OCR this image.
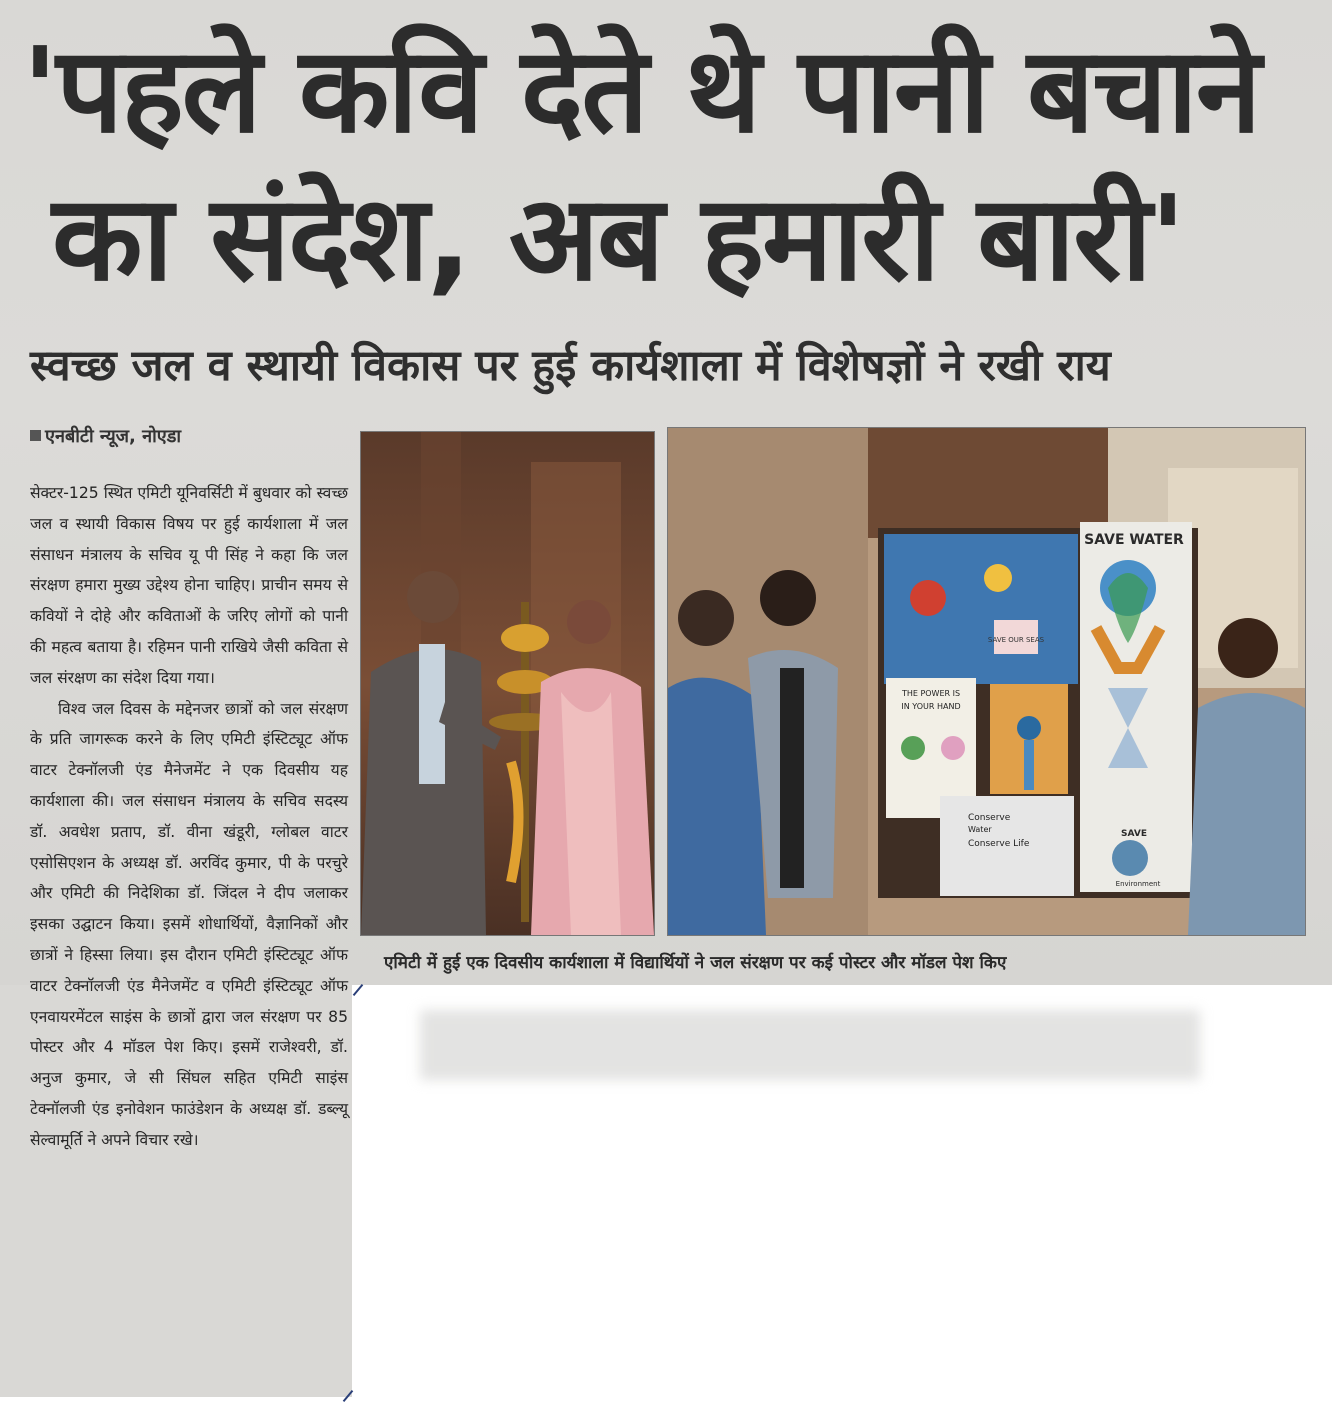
'पहले कवि देते थे पानी बचाने
का संदेश, अब हमारी बारी'
स्वच्छ जल व स्थायी विकास पर हुई कार्यशाला में विशेषज्ञों ने रखी राय
एनबीटी न्यूज, नोएडा

सेक्टर-125 स्थित एमिटी यूनिवर्सिटी में बुधवार को स्वच्छ जल व स्थायी विकास विषय पर हुई कार्यशाला में जल संसाधन मंत्रालय के सचिव यू पी सिंह ने कहा कि जल संरक्षण हमारा मुख्य उद्देश्य होना चाहिए। प्राचीन समय से कवियों ने दोहे और कविताओं के जरिए लोगों को पानी की महत्व बताया है। रहिमन पानी राखिये जैसी कविता से जल संरक्षण का संदेश दिया गया।

विश्व जल दिवस के मद्देनजर छात्रों को जल संरक्षण के प्रति जागरूक करने के लिए एमिटी इंस्टिट्यूट ऑफ वाटर टेक्नॉलजी एंड मैनेजमेंट ने एक दिवसीय यह कार्यशाला की। जल संसाधन मंत्रालय के सचिव सदस्य डॉ. अवधेश प्रताप, डॉ. वीना खंडूरी, ग्लोबल वाटर एसोसिएशन के अध्यक्ष डॉ. अरविंद कुमार, पी के परचुरे और एमिटी की निदेशिका डॉ. जिंदल ने दीप जलाकर इसका उद्घाटन किया। इसमें शोधार्थियों, वैज्ञानिकों और छात्रों ने हिस्सा लिया। इस दौरान एमिटी इंस्टिट्यूट ऑफ वाटर टेक्नॉलजी एंड मैनेजमेंट व एमिटी इंस्टिट्यूट ऑफ एनवायरमेंटल साइंस के छात्रों द्वारा जल संरक्षण पर 85 पोस्टर और 4 मॉडल पेश किए। इसमें राजेश्वरी, डॉ. अनुज कुमार, जे सी सिंघल सहित एमिटी साइंस टेक्नॉलजी एंड इनोवेशन फाउंडेशन के अध्यक्ष डॉ. डब्ल्यू सेल्वामूर्ति ने अपने विचार रखे।

SAVE OUR SEAS
SAVE WATER
SAVE
Environment
THE POWER IS
IN YOUR HAND
Conserve
Water
Conserve Life
एमिटी में हुई एक दिवसीय कार्यशाला में विद्यार्थियों ने जल संरक्षण पर कई पोस्टर और मॉडल पेश किए
